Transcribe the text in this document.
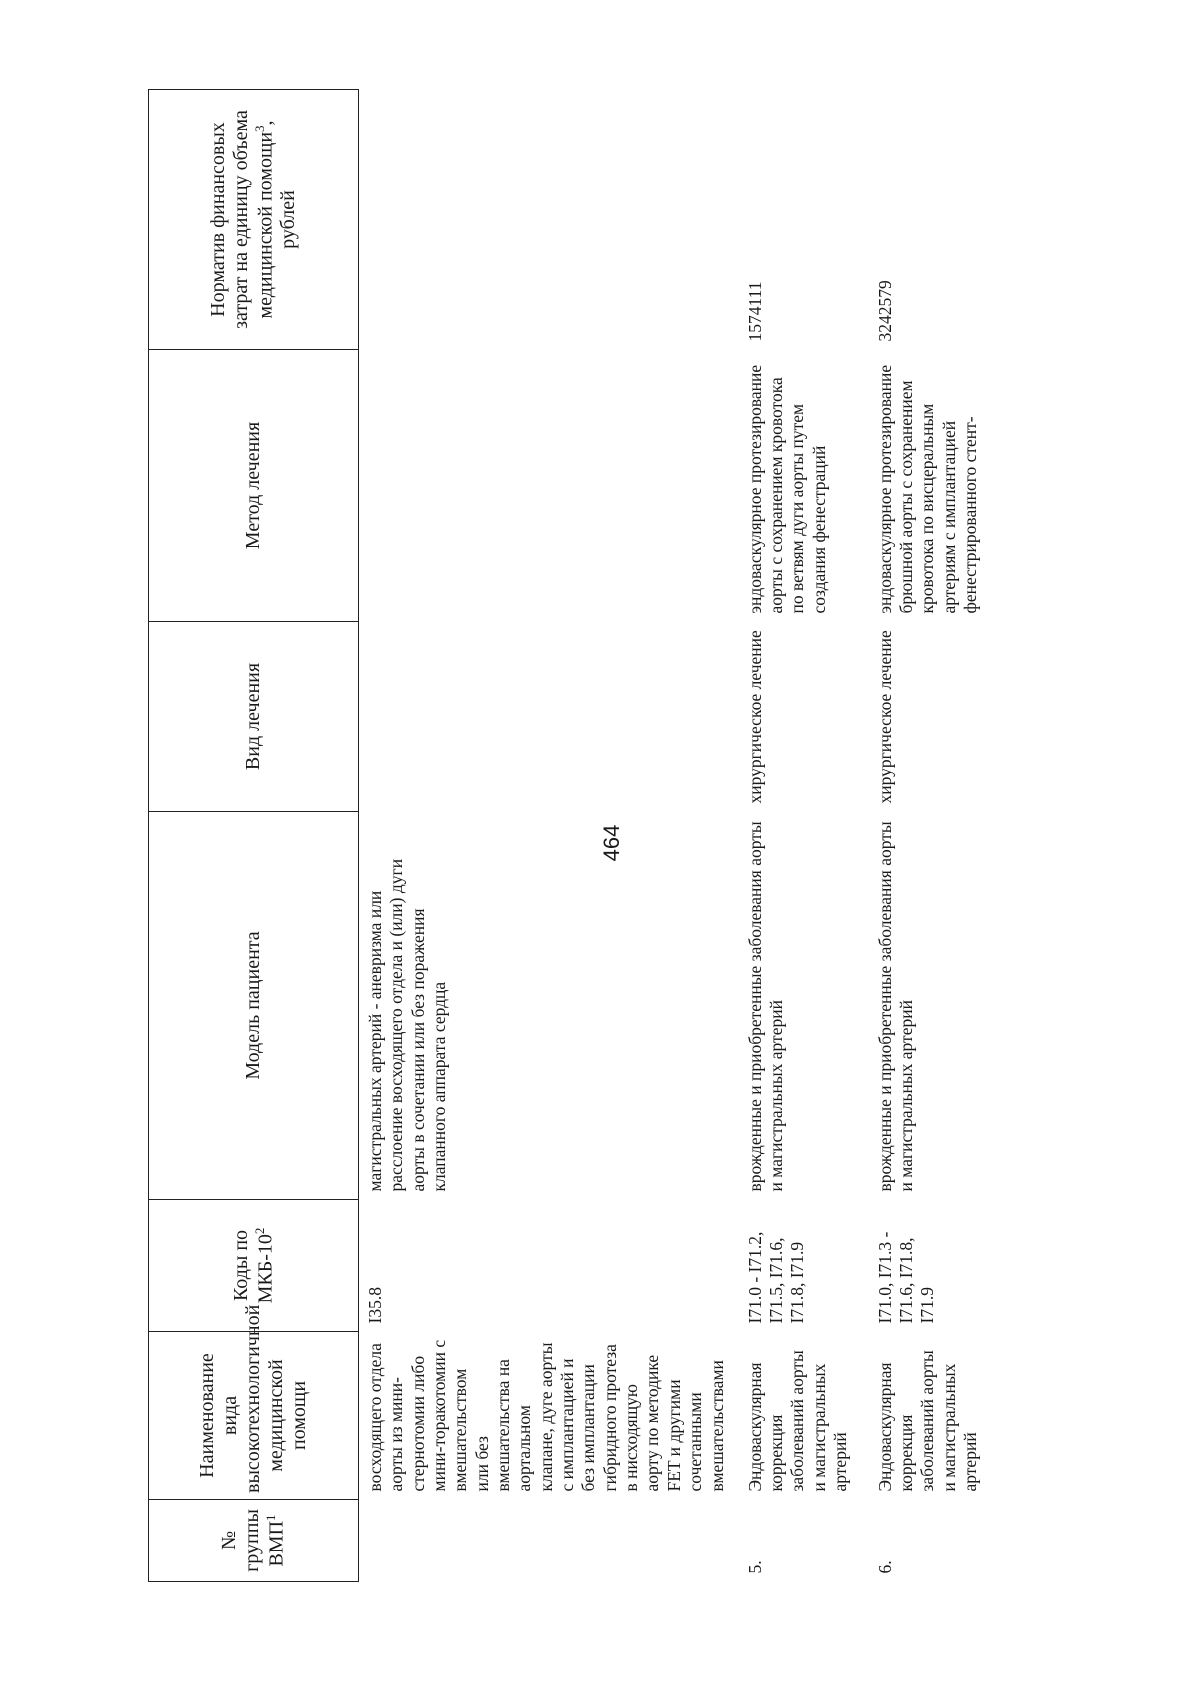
464
№ группы ВМП$^1$	Наименование вида высокотехнологичной медицинской помощи	Коды по МКБ-$10^2$	Модель пациента	Вид лечения	Метод лечения	Норматив финансовых затрат на единицу объема медицинской помощи$^3$, рублей
	восходящего отдела аорты из мини-стернотомии либо мини-торакотомии с вмешательством или без вмешательства на аортальном клапане, дуге аорты с имплантацией и без имплантации гибридного протеза в нисходящую аорту по методике FET и другими сочетанными вмешательствами	I35.8	магистральных артерий - аневризма или расслоение восходящего отдела и (или) дуги аорты в сочетании или без поражения клапанного аппарата сердца			
5.	Эндоваскулярная коррекция заболеваний аорты и магистральных артерий	I71.0 - I71.2, I71.5, I71.6, I71.8, I71.9	врожденные и приобретенные заболевания аорты и магистральных артерий	хирургическое лечение	эндоваскулярное протезирование аорты с сохранением кровотока по ветвям дуги аорты путем создания фенестраций	1574111
6.	Эндоваскулярная коррекция заболеваний аорты и магистральных артерий	I71.0, I71.3 - I71.6, I71.8, I71.9	врожденные и приобретенные заболевания аорты и магистральных артерий	хирургическое лечение	эндоваскулярное протезирование брюшной аорты с сохранением кровотока по висцеральным артериям с имплантацией фенестрированного стент-	3242579
